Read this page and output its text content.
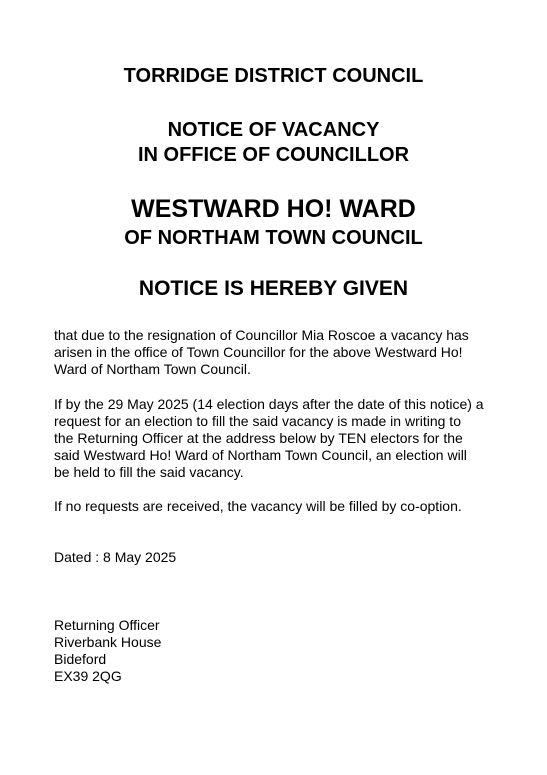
TORRIDGE DISTRICT COUNCIL
NOTICE OF VACANCY
IN OFFICE OF COUNCILLOR
WESTWARD HO! WARD
OF NORTHAM TOWN COUNCIL
NOTICE IS HEREBY GIVEN
that due to the resignation of Councillor Mia Roscoe a vacancy has arisen in the office of Town Councillor for the above Westward Ho! Ward of Northam Town Council.
If by the 29 May 2025 (14 election days after the date of this notice) a request for an election to fill the said vacancy is made in writing to the Returning Officer at the address below by TEN electors for the said Westward Ho! Ward of Northam Town Council, an election will be held to fill the said vacancy.
If no requests are received, the vacancy will be filled by co-option.
Dated : 8 May 2025
Returning Officer
Riverbank House
Bideford
EX39 2QG
